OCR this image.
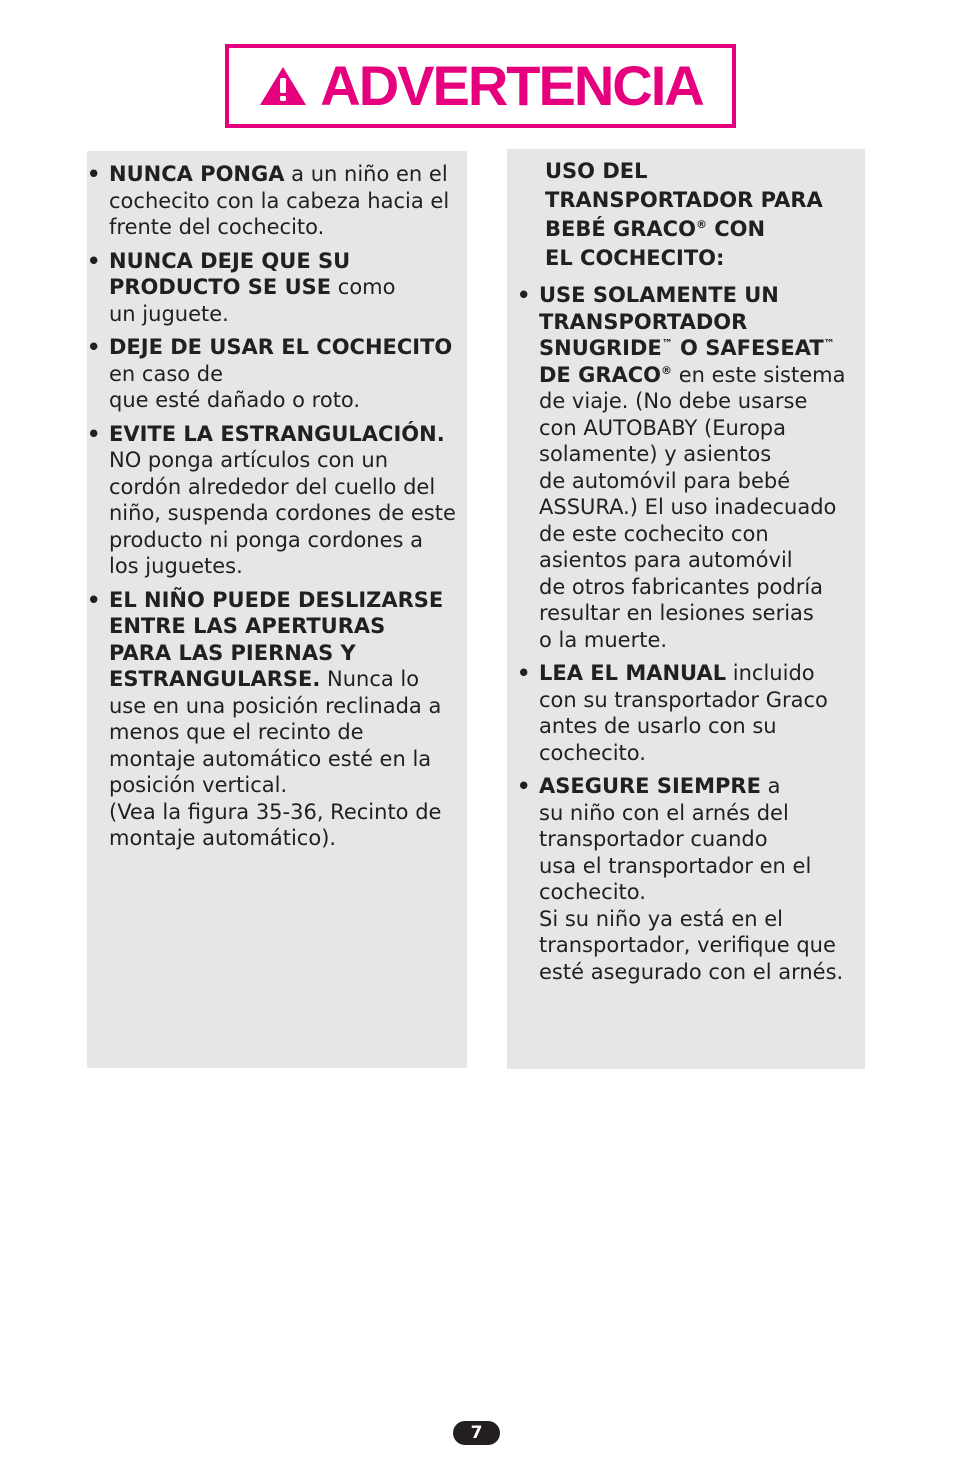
ADVERTENCIA
• NUNCA PONGA a un niño en el
cochecito con la cabeza hacia el
frente del cochecito.
• NUNCA DEJE QUE SU
PRODUCTO SE USE como
un juguete.
• DEJE DE USAR EL COCHECITO
en caso de
que esté dañado o roto.
• EVITE LA ESTRANGULACIÓN.
NO ponga artículos con un
cordón alrededor del cuello del
niño, suspenda cordones de este
producto ni ponga cordones a
los juguetes.
• EL NIÑO PUEDE DESLIZARSE
ENTRE LAS APERTURAS
PARA LAS PIERNAS Y
ESTRANGULARSE. Nunca lo
use en una posición reclinada a
menos que el recinto de
montaje automático esté en la
posición vertical.
(Vea la figura 35-36, Recinto de
montaje automático).
USO DEL
TRANSPORTADOR PARA
BEBÉ GRACO® CON
EL COCHECITO:
• USE SOLAMENTE UN
TRANSPORTADOR
SNUGRIDE™ O SAFESEAT™
DE GRACO® en este sistema
de viaje. (No debe usarse
con AUTOBABY (Europa
solamente) y asientos
de automóvil para bebé
ASSURA.) El uso inadecuado
de este cochecito con
asientos para automóvil
de otros fabricantes podría
resultar en lesiones serias
o la muerte.
• LEA EL MANUAL incluido
con su transportador Graco
antes de usarlo con su
cochecito.
• ASEGURE SIEMPRE a
su niño con el arnés del
transportador cuando
usa el transportador en el
cochecito.
Si su niño ya está en el
transportador, verifique que
esté asegurado con el arnés.
7
